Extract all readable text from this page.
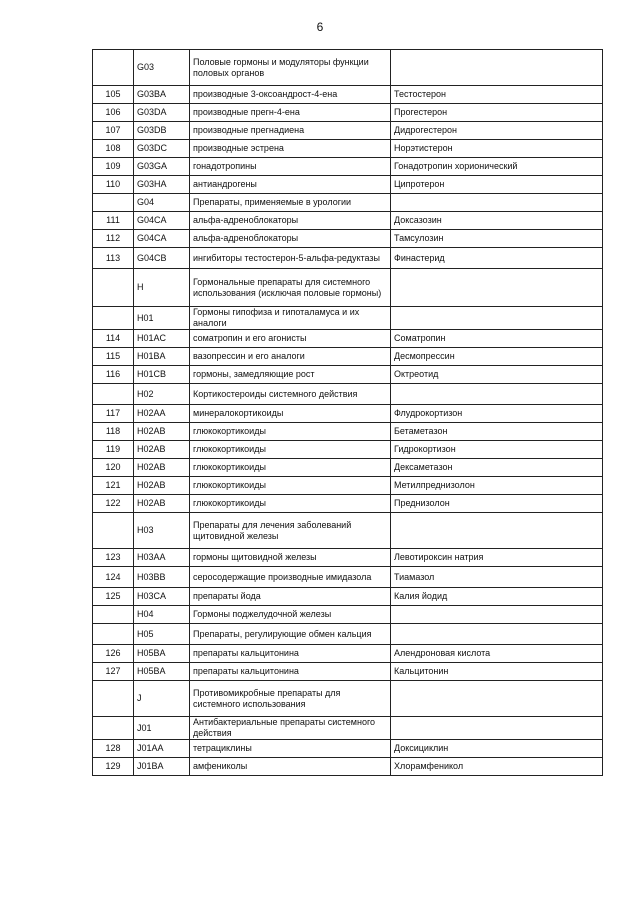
6
	G03	Половые гормоны и модуляторы функции половых органов	
105	G03BA	производные 3-оксоандрост-4-ена	Тестостерон
106	G03DA	производные прегн-4-ена	Прогестерон
107	G03DB	производные прегнадиена	Дидрогестерон
108	G03DC	производные эстрена	Норэтистерон
109	G03GA	гонадотропины	Гонадотропин хорионический
110	G03HA	антиандрогены	Ципротерон
	G04	Препараты, применяемые в урологии	
111	G04CA	альфа-адреноблокаторы	Доксазозин
112	G04CA	альфа-адреноблокаторы	Тамсулозин
113	G04CB	ингибиторы тестостерон-5-альфа-редуктазы	Финастерид
	H	Гормональные препараты для системного использования (исключая половые гормоны)	
	H01	Гормоны гипофиза и гипоталамуса и их аналоги	
114	H01AC	соматропин и его агонисты	Соматропин
115	H01BA	вазопрессин и его аналоги	Десмопрессин
116	H01CB	гормоны, замедляющие рост	Октреотид
	H02	Кортикостероиды системного действия	
117	H02AA	минералокортикоиды	Флудрокортизон
118	H02AB	глюкокортикоиды	Бетаметазон
119	H02AB	глюкокортикоиды	Гидрокортизон
120	H02AB	глюкокортикоиды	Дексаметазон
121	H02AB	глюкокортикоиды	Метилпреднизолон
122	H02AB	глюкокортикоиды	Преднизолон
	H03	Препараты для лечения заболеваний щитовидной железы	
123	H03AA	гормоны щитовидной железы	Левотироксин натрия
124	H03BB	серосодержащие производные имидазола	Тиамазол
125	H03CA	препараты йода	Калия йодид
	H04	Гормоны поджелудочной железы	
	H05	Препараты, регулирующие обмен кальция	
126	H05BA	препараты кальцитонина	Алендроновая кислота
127	H05BA	препараты кальцитонина	Кальцитонин
	J	Противомикробные препараты для системного использования	
	J01	Антибактериальные препараты системного действия	
128	J01AA	тетрациклины	Доксициклин
129	J01BA	амфениколы	Хлорамфеникол
